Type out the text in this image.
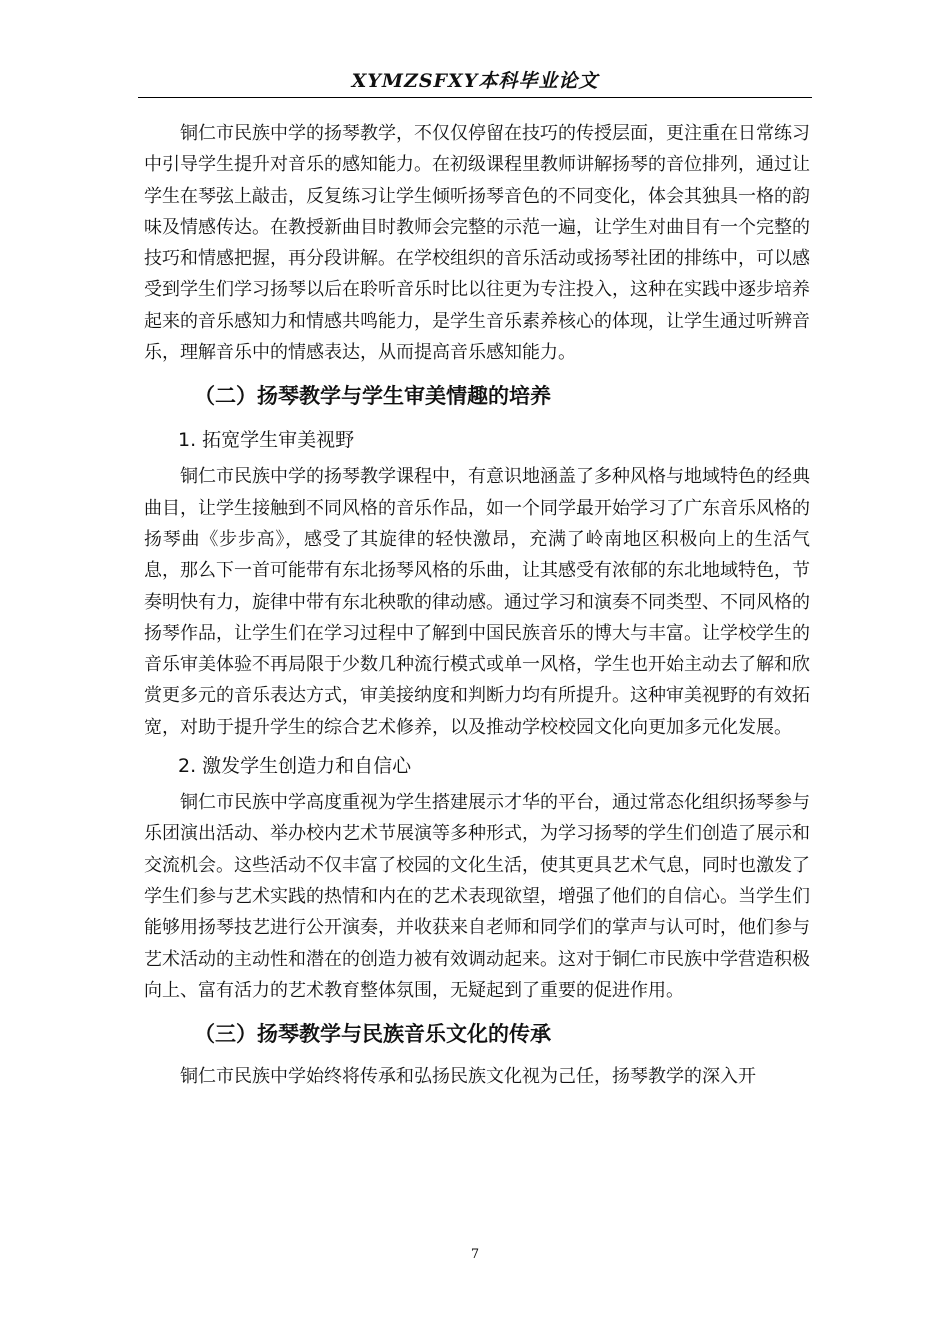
XYMZSFXY本科毕业论文

铜仁市民族中学的扬琴教学，不仅仅停留在技巧的传授层面，更注重在日常练习中引导学生提升对音乐的感知能力。在初级课程里教师讲解扬琴的音位排列，通过让学生在琴弦上敲击，反复练习让学生倾听扬琴音色的不同变化，体会其独具一格的韵味及情感传达。在教授新曲目时教师会完整的示范一遍，让学生对曲目有一个完整的技巧和情感把握，再分段讲解。在学校组织的音乐活动或扬琴社团的排练中，可以感受到学生们学习扬琴以后在聆听音乐时比以往更为专注投入，这种在实践中逐步培养起来的音乐感知力和情感共鸣能力，是学生音乐素养核心的体现，让学生通过听辨音乐，理解音乐中的情感表达，从而提高音乐感知能力。

（二）扬琴教学与学生审美情趣的培养
1. 拓宽学生审美视野

铜仁市民族中学的扬琴教学课程中，有意识地涵盖了多种风格与地域特色的经典曲目，让学生接触到不同风格的音乐作品，如一个同学最开始学习了广东音乐风格的扬琴曲《步步高》，感受了其旋律的轻快激昂，充满了岭南地区积极向上的生活气息，那么下一首可能带有东北扬琴风格的乐曲，让其感受有浓郁的东北地域特色，节奏明快有力，旋律中带有东北秧歌的律动感。通过学习和演奏不同类型、不同风格的扬琴作品，让学生们在学习过程中了解到中国民族音乐的博大与丰富。让学校学生的音乐审美体验不再局限于少数几种流行模式或单一风格，学生也开始主动去了解和欣赏更多元的音乐表达方式，审美接纳度和判断力均有所提升。这种审美视野的有效拓宽，对助于提升学生的综合艺术修养，以及推动学校校园文化向更加多元化发展。

2. 激发学生创造力和自信心

铜仁市民族中学高度重视为学生搭建展示才华的平台，通过常态化组织扬琴参与乐团演出活动、举办校内艺术节展演等多种形式，为学习扬琴的学生们创造了展示和交流机会。这些活动不仅丰富了校园的文化生活，使其更具艺术气息，同时也激发了学生们参与艺术实践的热情和内在的艺术表现欲望，增强了他们的自信心。当学生们能够用扬琴技艺进行公开演奏，并收获来自老师和同学们的掌声与认可时，他们参与艺术活动的主动性和潜在的创造力被有效调动起来。这对于铜仁市民族中学营造积极向上、富有活力的艺术教育整体氛围，无疑起到了重要的促进作用。

（三）扬琴教学与民族音乐文化的传承

铜仁市民族中学始终将传承和弘扬民族文化视为己任，扬琴教学的深入开

7
